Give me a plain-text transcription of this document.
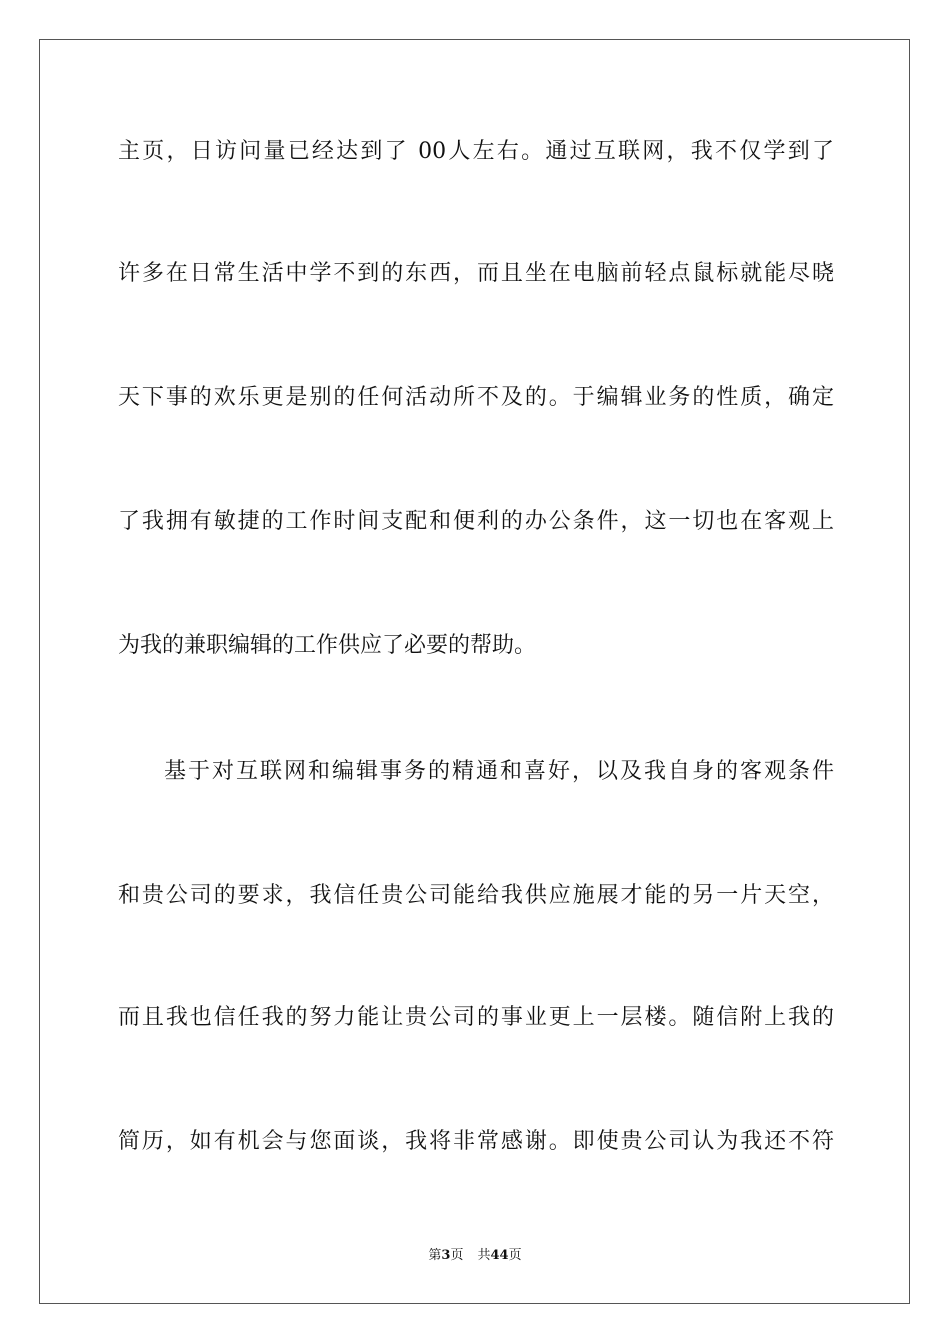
主页，日访问量已经达到了 00人左右。通过互联网，我不仅学到了
许多在日常生活中学不到的东西，而且坐在电脑前轻点鼠标就能尽晓
天下事的欢乐更是别的任何活动所不及的。于编辑业务的性质，确定
了我拥有敏捷的工作时间支配和便利的办公条件，这一切也在客观上
为我的兼职编辑的工作供应了必要的帮助。
基于对互联网和编辑事务的精通和喜好，以及我自身的客观条件
和贵公司的要求，我信任贵公司能给我供应施展才能的另一片天空，
而且我也信任我的努力能让贵公司的事业更上一层楼。随信附上我的
简历，如有机会与您面谈，我将非常感谢。即使贵公司认为我还不符
第3页 共44页
